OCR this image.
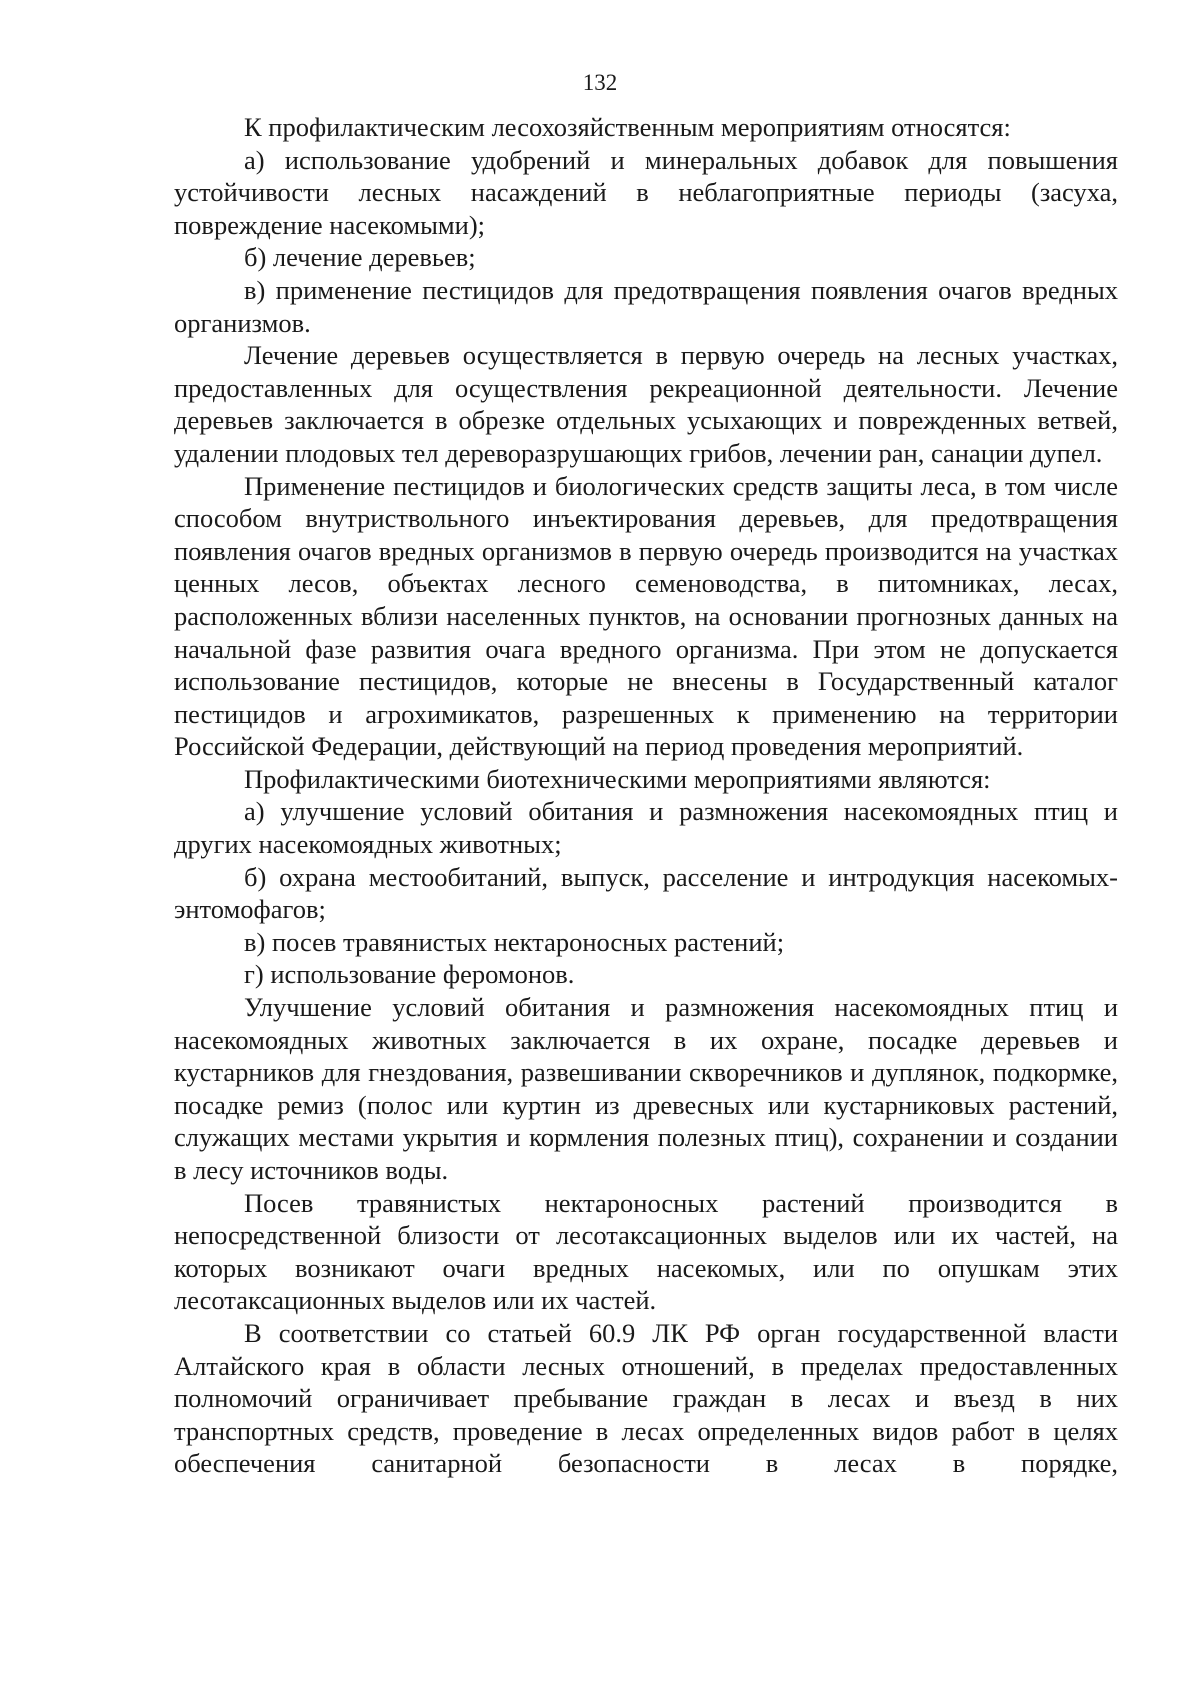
132

К профилактическим лесохозяйственным мероприятиям относятся:

а) использование удобрений и минеральных добавок для повышения устойчивости лесных насаждений в неблагоприятные периоды (засуха, повреждение насекомыми);

б) лечение деревьев;

в) применение пестицидов для предотвращения появления очагов вредных организмов.

Лечение деревьев осуществляется в первую очередь на лесных участках, предоставленных для осуществления рекреационной деятельности. Лечение деревьев заключается в обрезке отдельных усыхающих и поврежденных ветвей, удалении плодовых тел дереворазрушающих грибов, лечении ран, санации дупел.

Применение пестицидов и биологических средств защиты леса, в том числе способом внутриствольного инъектирования деревьев, для предотвращения появления очагов вредных организмов в первую очередь производится на участках ценных лесов, объектах лесного семеноводства, в питомниках, лесах, расположенных вблизи населенных пунктов, на основании прогнозных данных на начальной фазе развития очага вредного организма. При этом не допускается использование пестицидов, которые не внесены в Государственный каталог пестицидов и агрохимикатов, разрешенных к применению на территории Российской Федерации, действующий на период проведения мероприятий.

Профилактическими биотехническими мероприятиями являются:

а) улучшение условий обитания и размножения насекомоядных птиц и других насекомоядных животных;

б) охрана местообитаний, выпуск, расселение и интродукция насекомых-энтомофагов;

в) посев травянистых нектароносных растений;

г) использование феромонов.

Улучшение условий обитания и размножения насекомоядных птиц и насекомоядных животных заключается в их охране, посадке деревьев и кустарников для гнездования, развешивании скворечников и дуплянок, подкормке, посадке ремиз (полос или куртин из древесных или кустарниковых растений, служащих местами укрытия и кормления полезных птиц), сохранении и создании в лесу источников воды.

Посев травянистых нектароносных растений производится в непосредственной близости от лесотаксационных выделов или их частей, на которых возникают очаги вредных насекомых, или по опушкам этих лесотаксационных выделов или их частей.

В соответствии со статьей 60.9 ЛК РФ орган государственной власти Алтайского края в области лесных отношений, в пределах предоставленных полномочий ограничивает пребывание граждан в лесах и въезд в них транспортных средств, проведение в лесах определенных видов работ в целях обеспечения санитарной безопасности в лесах в порядке,
